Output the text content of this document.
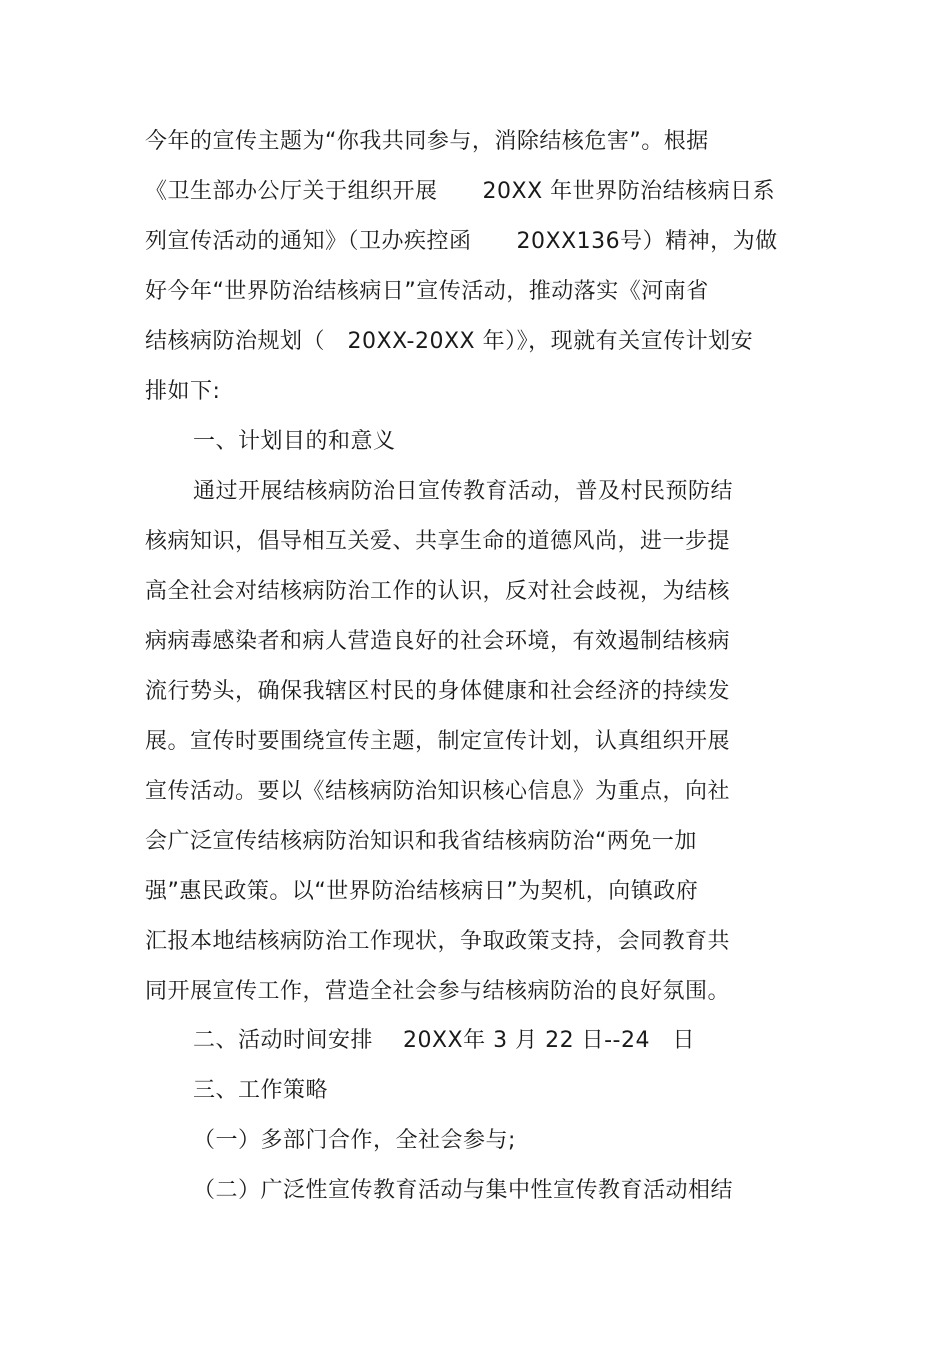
今年的宣传主题为“你我共同参与，消除结核危害”。根据
《卫生部办公厅关于组织开展　　20XX 年世界防治结核病日系
列宣传活动的通知》（卫办疾控函　　20XX136号）精神，为做
好今年“世界防治结核病日”宣传活动，推动落实《河南省
结核病防治规划（　20XX-20XX 年）》，现就有关宣传计划安
排如下:
一、计划目的和意义
通过开展结核病防治日宣传教育活动，普及村民预防结
核病知识，倡导相互关爱、共享生命的道德风尚，进一步提
高全社会对结核病防治工作的认识，反对社会歧视，为结核
病病毒感染者和病人营造良好的社会环境，有效遏制结核病
流行势头，确保我辖区村民的身体健康和社会经济的持续发
展。宣传时要围绕宣传主题，制定宣传计划，认真组织开展
宣传活动。要以《结核病防治知识核心信息》为重点，向社
会广泛宣传结核病防治知识和我省结核病防治“两免一加
强”惠民政策。以“世界防治结核病日”为契机，向镇政府
汇报本地结核病防治工作现状，争取政策支持，会同教育共
同开展宣传工作，营造全社会参与结核病防治的良好氛围。
二、活动时间安排　 20XX年 3 月 22 日--24　日
三、工作策略
（一）多部门合作，全社会参与;
（二）广泛性宣传教育活动与集中性宣传教育活动相结
